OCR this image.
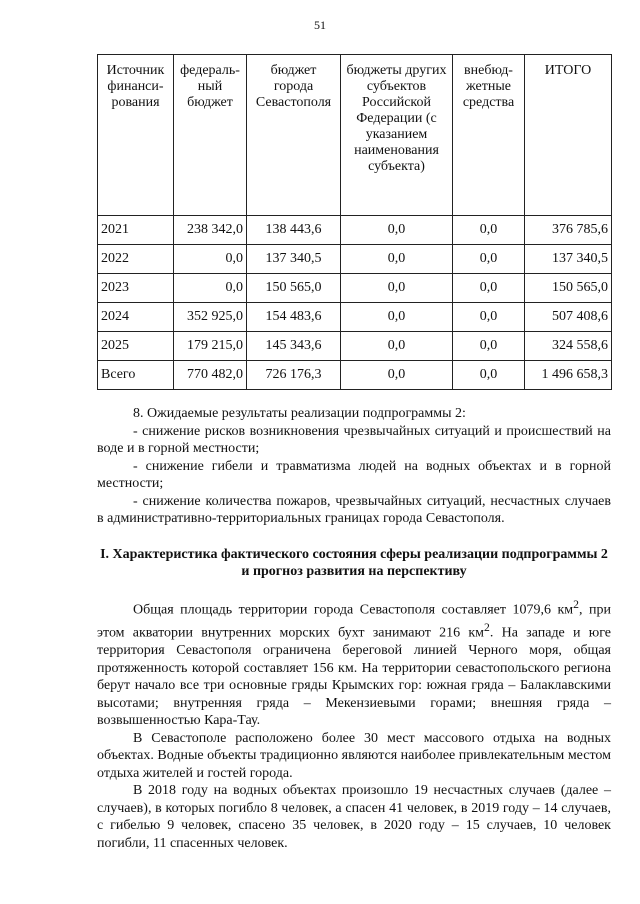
51
Источник финанси-рования	федераль-ный бюджет	бюджет города Севастополя	бюджеты других субъектов Российской Федерации (с указанием наименования субъекта)	внебюд-жетные средства	ИТОГО
2021	238 342,0	138 443,6	0,0	0,0	376 785,6
2022	0,0	137 340,5	0,0	0,0	137 340,5
2023	0,0	150 565,0	0,0	0,0	150 565,0
2024	352 925,0	154 483,6	0,0	0,0	507 408,6
2025	179 215,0	145 343,6	0,0	0,0	324 558,6
Всего	770 482,0	726 176,3	0,0	0,0	1 496 658,3

8. Ожидаемые результаты реализации подпрограммы 2:

- снижение рисков возникновения чрезвычайных ситуаций и происшествий на воде и в горной местности;

- снижение гибели и травматизма людей на водных объектах и в горной местности;

- снижение количества пожаров, чрезвычайных ситуаций, несчастных случаев в административно-территориальных границах города Севастополя.

I. Характеристика фактического состояния сферы реализации подпрограммы 2 и прогноз развития на перспективу

Общая площадь территории города Севастополя составляет 1079,6 $км^2$, при этом акватории внутренних морских бухт занимают 216 $км^2$. На западе и юге территория Севастополя ограничена береговой линией Черного моря, общая протяженность которой составляет 156 км. На территории севастопольского региона берут начало все три основные гряды Крымских гор: южная гряда – Балаклавскими высотами; внутренняя гряда – Мекензиевыми горами; внешняя гряда – возвышенностью Кара-Тау.

В Севастополе расположено более 30 мест массового отдыха на водных объектах. Водные объекты традиционно являются наиболее привлекательным местом отдыха жителей и гостей города.

В 2018 году на водных объектах произошло 19 несчастных случаев (далее – случаев), в которых погибло 8 человек, а спасен 41 человек, в 2019 году – 14 случаев, с гибелью 9 человек, спасено 35 человек, в 2020 году – 15 случаев, 10 человек погибли, 11 спасенных человек.
